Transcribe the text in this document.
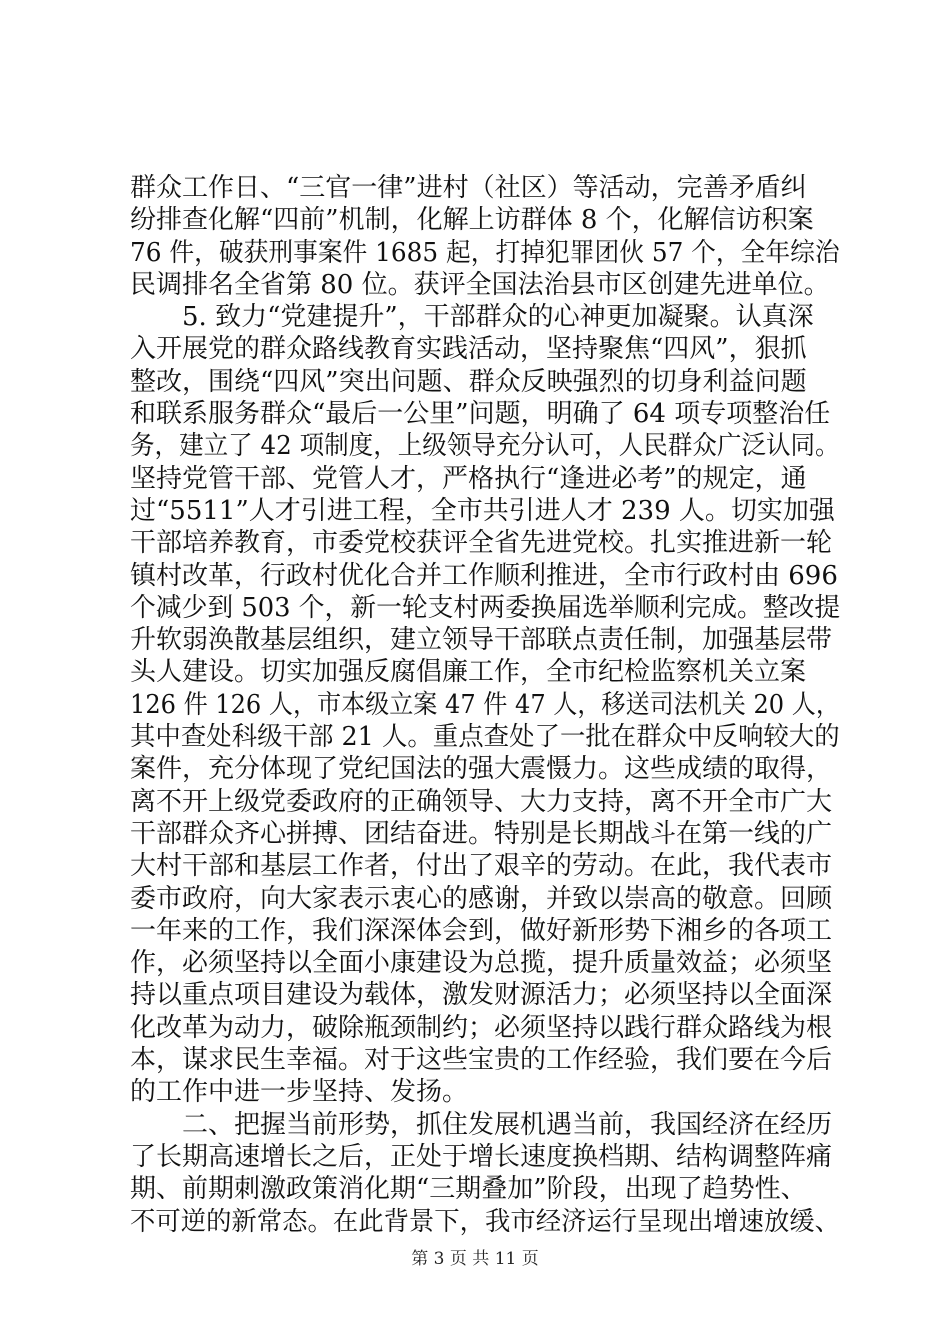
群众工作日、“三官一律”进村（社区）等活动，完善矛盾纠
纷排查化解“四前”机制，化解上访群体 8 个，化解信访积案
76 件，破获刑事案件 1685 起，打掉犯罪团伙 57 个，全年综治
民调排名全省第 80 位。获评全国法治县市区创建先进单位。
　　5. 致力“党建提升”，干部群众的心神更加凝聚。认真深
入开展党的群众路线教育实践活动，坚持聚焦“四风”，狠抓
整改，围绕“四风”突出问题、群众反映强烈的切身利益问题
和联系服务群众“最后一公里”问题，明确了 64 项专项整治任
务，建立了 42 项制度，上级领导充分认可，人民群众广泛认同。
坚持党管干部、党管人才，严格执行“逢进必考”的规定，通
过“5511”人才引进工程，全市共引进人才 239 人。切实加强
干部培养教育，市委党校获评全省先进党校。扎实推进新一轮
镇村改革，行政村优化合并工作顺利推进，全市行政村由 696
个减少到 503 个，新一轮支村两委换届选举顺利完成。整改提
升软弱涣散基层组织，建立领导干部联点责任制，加强基层带
头人建设。切实加强反腐倡廉工作，全市纪检监察机关立案
126 件 126 人，市本级立案 47 件 47 人，移送司法机关 20 人，
其中查处科级干部 21 人。重点查处了一批在群众中反响较大的
案件，充分体现了党纪国法的强大震慑力。这些成绩的取得，
离不开上级党委政府的正确领导、大力支持，离不开全市广大
干部群众齐心拼搏、团结奋进。特别是长期战斗在第一线的广
大村干部和基层工作者，付出了艰辛的劳动。在此，我代表市
委市政府，向大家表示衷心的感谢，并致以崇高的敬意。回顾
一年来的工作，我们深深体会到，做好新形势下湘乡的各项工
作，必须坚持以全面小康建设为总揽，提升质量效益；必须坚
持以重点项目建设为载体，激发财源活力；必须坚持以全面深
化改革为动力，破除瓶颈制约；必须坚持以践行群众路线为根
本，谋求民生幸福。对于这些宝贵的工作经验，我们要在今后
的工作中进一步坚持、发扬。
　　二、把握当前形势，抓住发展机遇当前，我国经济在经历
了长期高速增长之后，正处于增长速度换档期、结构调整阵痛
期、前期刺激政策消化期“三期叠加”阶段，出现了趋势性、
不可逆的新常态。在此背景下，我市经济运行呈现出增速放缓、
第 3 页 共 11 页
